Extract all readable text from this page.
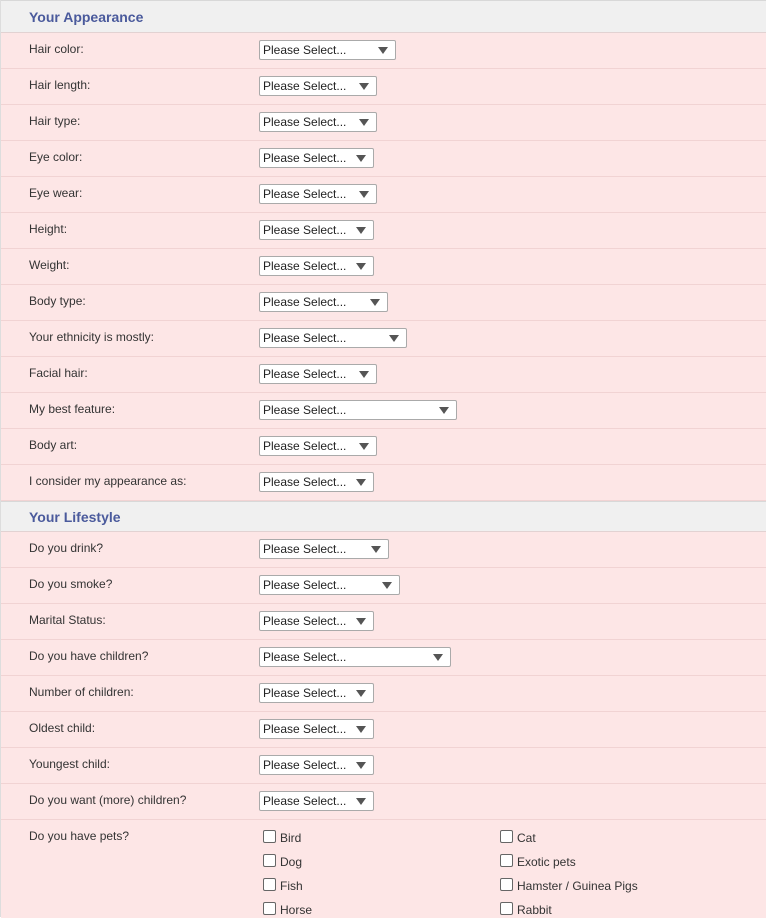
Your Appearance
Hair color:	Please Select...
Hair length:	Please Select...
Hair type:	Please Select...
Eye color:	Please Select...
Eye wear:	Please Select...
Height:	Please Select...
Weight:	Please Select...
Body type:	Please Select...
Your ethnicity is mostly:	Please Select...
Facial hair:	Please Select...
My best feature:	Please Select...
Body art:	Please Select...
I consider my appearance as:	Please Select...
Your Lifestyle
Do you drink?	Please Select...
Do you smoke?	Please Select...
Marital Status:	Please Select...
Do you have children?	Please Select...
Number of children:	Please Select...
Oldest child:	Please Select...
Youngest child:	Please Select...
Do you want (more) children?	Please Select...
Do you have pets?	Bird	Cat
Dog	Exotic pets
Fish	Hamster / Guinea Pigs
Horse	Rabbit
